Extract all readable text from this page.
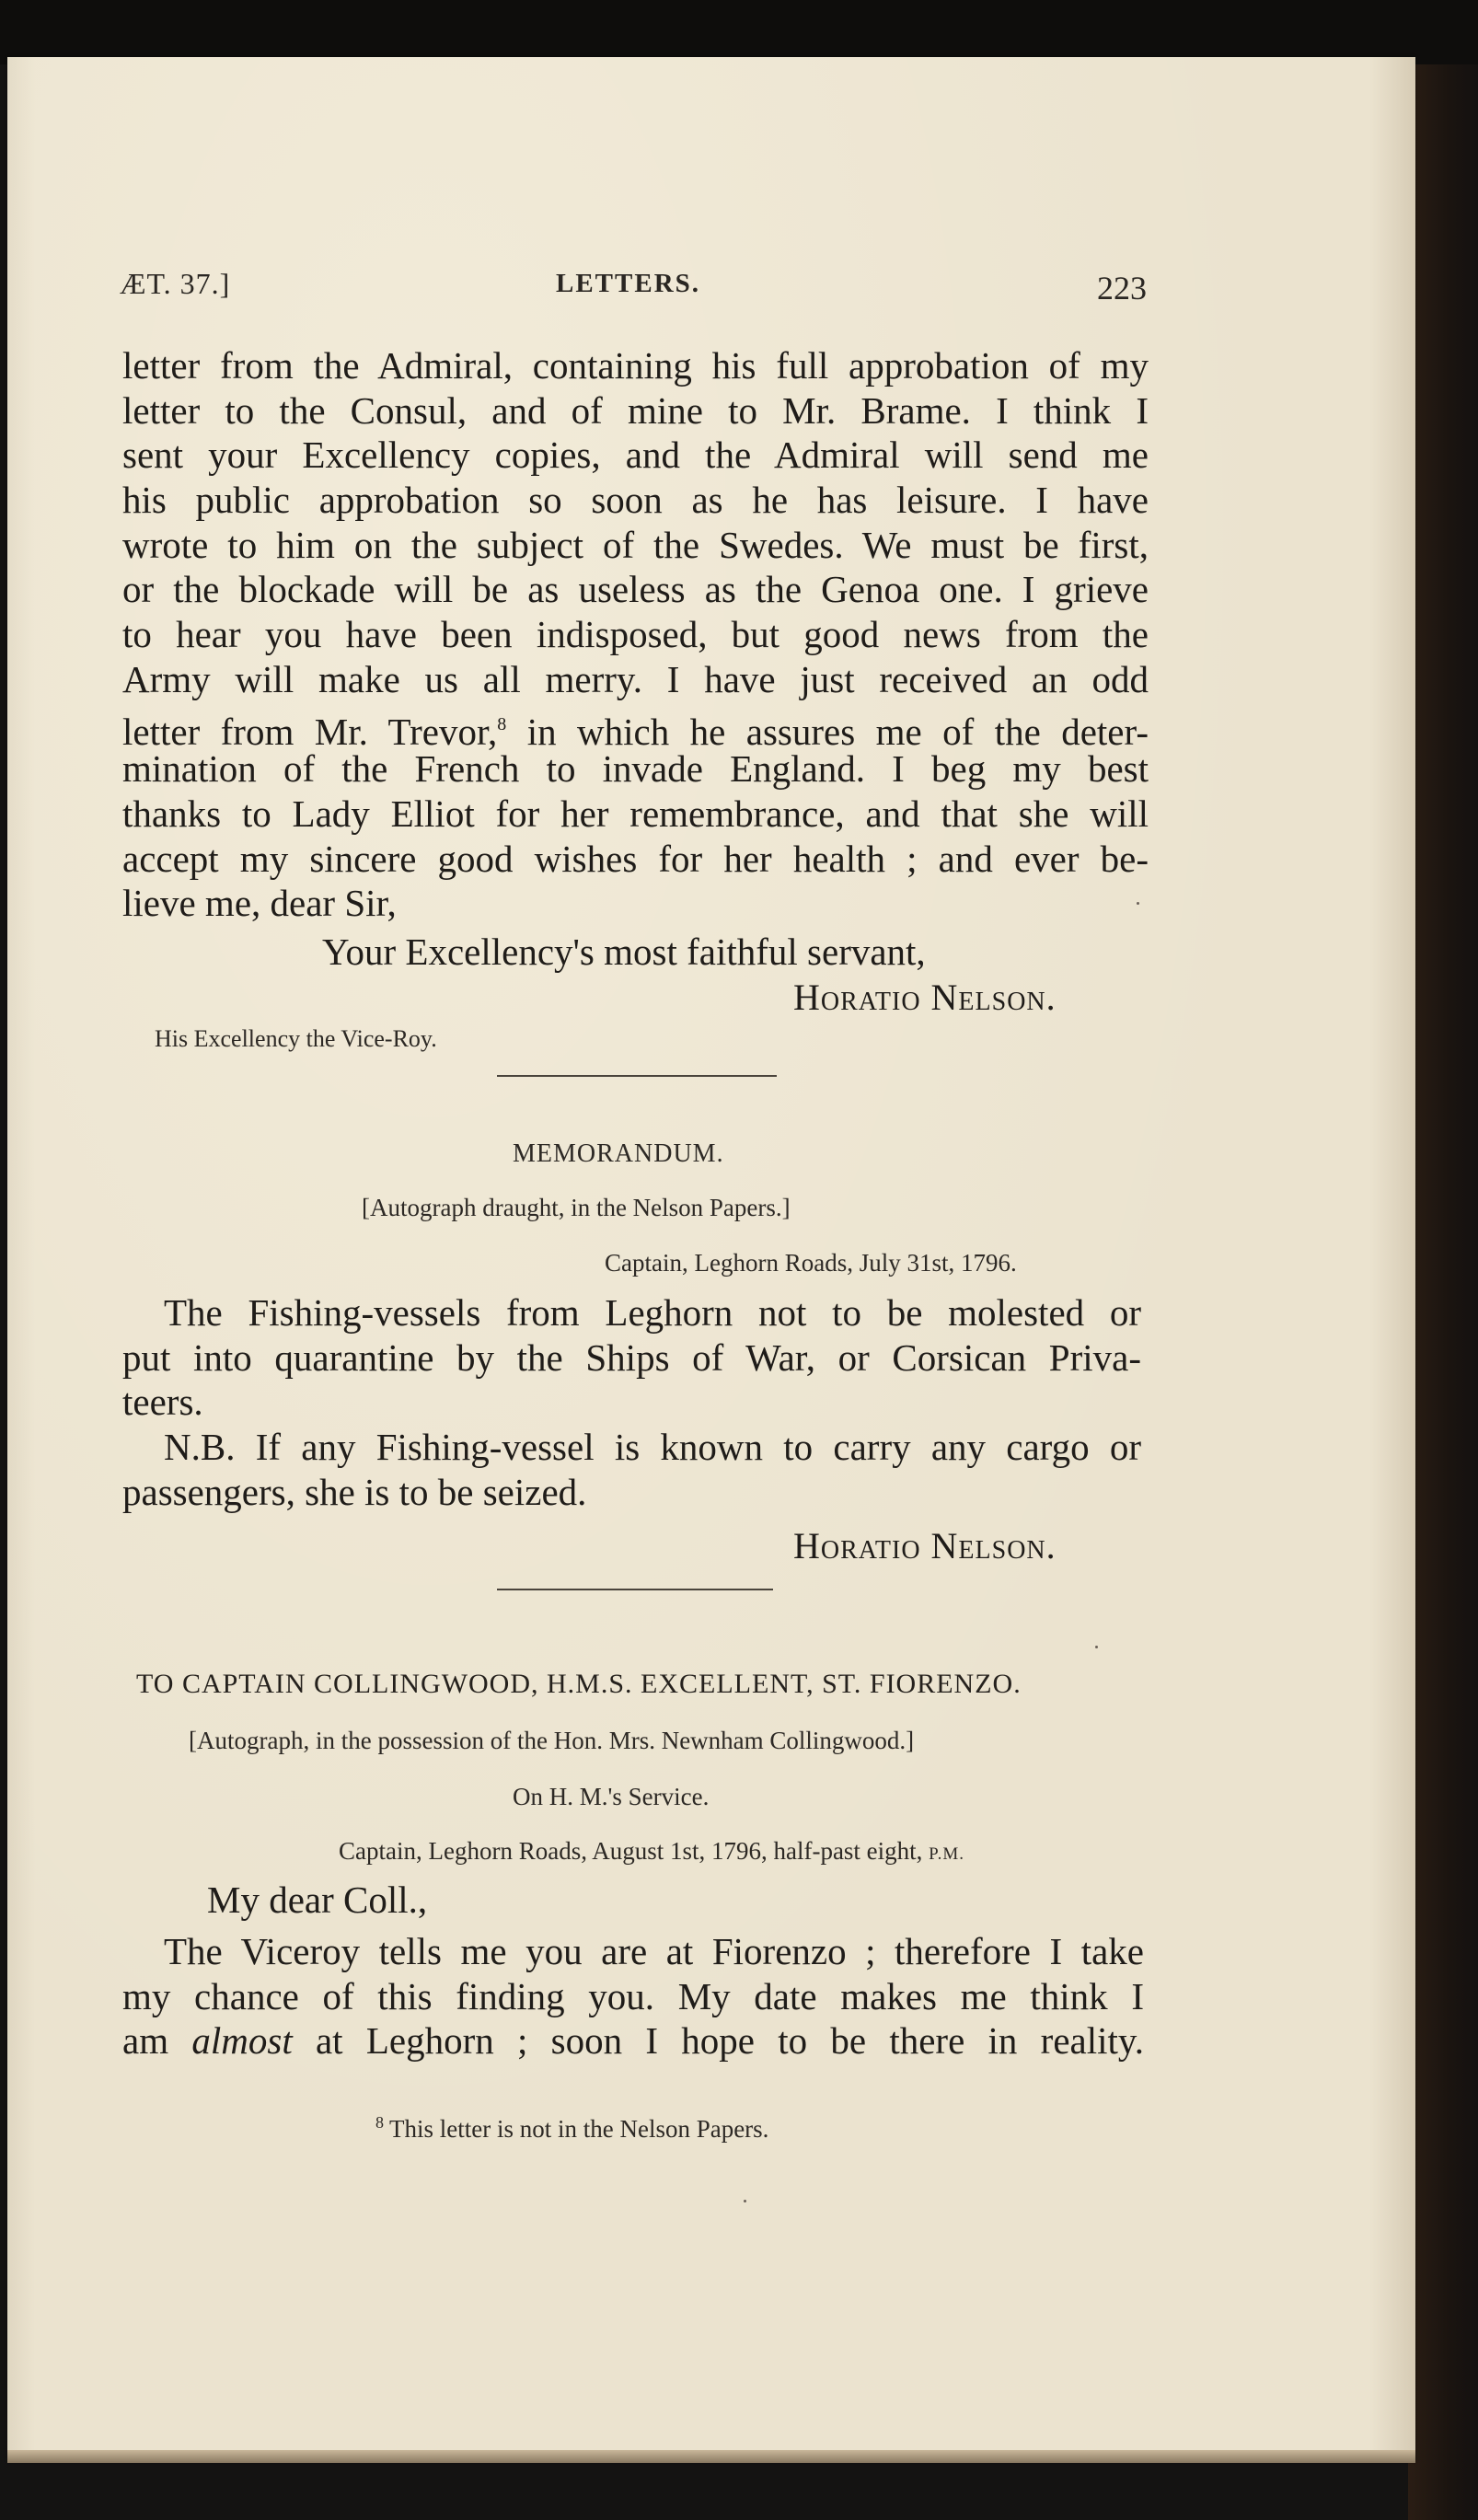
ÆT. 37.]	LETTERS.	223
letter from the Admiral, containing his full approbation of my
letter to the Consul, and of mine to Mr. Brame. I think I
sent your Excellency copies, and the Admiral will send me
his public approbation so soon as he has leisure. I have
wrote to him on the subject of the Swedes. We must be first,
or the blockade will be as useless as the Genoa one. I grieve
to hear you have been indisposed, but good news from the
Army will make us all merry. I have just received an odd
letter from Mr. Trevor,$^8$ in which he assures me of the deter-
mination of the French to invade England. I beg my best
thanks to Lady Elliot for her remembrance, and that she will
accept my sincere good wishes for her health ; and ever be-
lieve me, dear Sir,
Your Excellency's most faithful servant,
Horatio Nelson.
His Excellency the Vice-Roy.
MEMORANDUM.
[Autograph draught, in the Nelson Papers.]
Captain, Leghorn Roads, July 31st, 1796.
The Fishing-vessels from Leghorn not to be molested or
put into quarantine by the Ships of War, or Corsican Priva-
teers.
N.B. If any Fishing-vessel is known to carry any cargo or
passengers, she is to be seized.
Horatio Nelson.
TO CAPTAIN COLLINGWOOD, H.M.S. EXCELLENT, ST. FIORENZO.
[Autograph, in the possession of the Hon. Mrs. Newnham Collingwood.]
On H. M.'s Service.
Captain, Leghorn Roads, August 1st, 1796, half-past eight, P.M.
My dear Coll.,
The Viceroy tells me you are at Fiorenzo ; therefore I take
my chance of this finding you. My date makes me think I
am almost at Leghorn ; soon I hope to be there in reality.
$^8$ This letter is not in the Nelson Papers.
